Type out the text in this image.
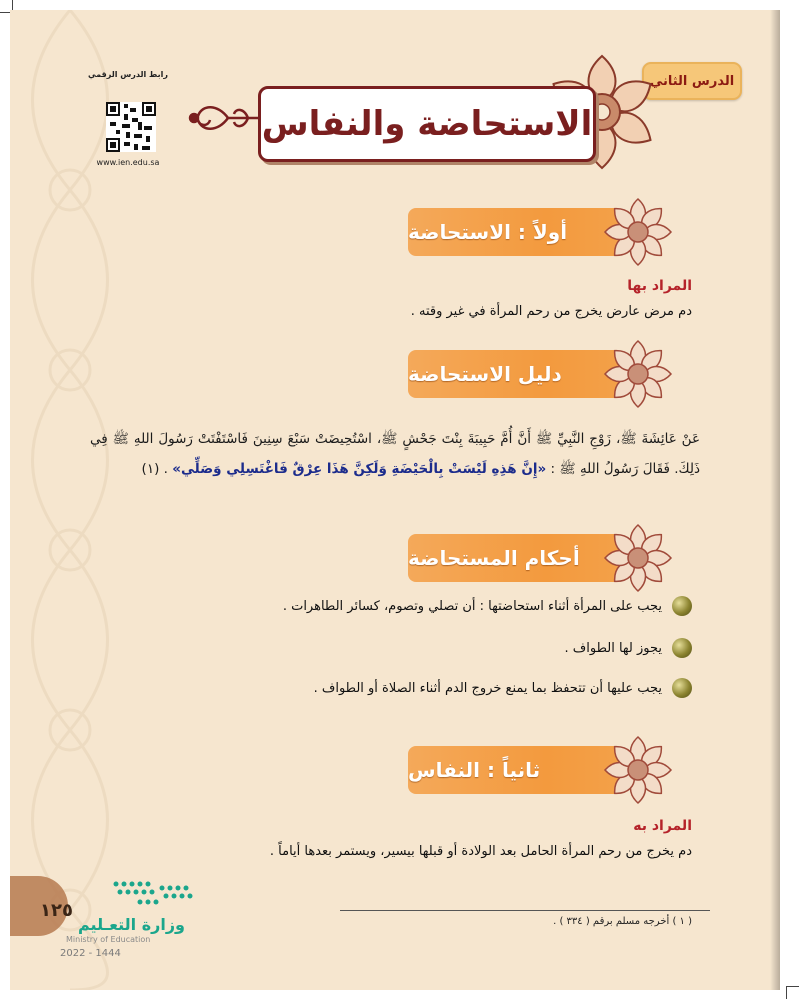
الدرس الثاني
الاستحاضة والنفاس
رابط الدرس الرقمي
www.ien.edu.sa
أولاً : الاستحاضة
المراد بها
دم مرض عارض يخرج من رحم المرأة في غير وقته .
دليل الاستحاضة
عَنْ عَائِشَةَ ﷺ، زَوْجِ النَّبِيِّ ﷺ أَنَّ أُمَّ حَبِيبَةَ بِنْتَ جَحْشٍ ﷺ، اسْتُحِيضَتْ سَبْعَ سِنِينَ فَاسْتَفْتَتْ رَسُولَ اللهِ ﷺ فِي ذَلِكَ. فَقَالَ رَسُولُ اللهِ ﷺ : «إِنَّ هَذِهِ لَيْسَتْ بِالْحَيْضَةِ وَلَكِنَّ هَذَا عِرْقٌ فَاغْتَسِلِي وَصَلِّي» . (١)
أحكام المستحاضة
يجب على المرأة أثناء استحاضتها : أن تصلي وتصوم، كسائر الطاهرات .
يجوز لها الطواف .
يجب عليها أن تتحفظ بما يمنع خروج الدم أثناء الصلاة أو الطواف .
ثانياً : النفاس
المراد به
دم يخرج من رحم المرأة الحامل بعد الولادة أو قبلها بيسير، ويستمر بعدها أياماً .
( ١ ) أخرجه مسلم برقم ( ٣٣٤ ) .
١٢٥
وزارة التعـليم
Ministry of Education
2022 - 1444
